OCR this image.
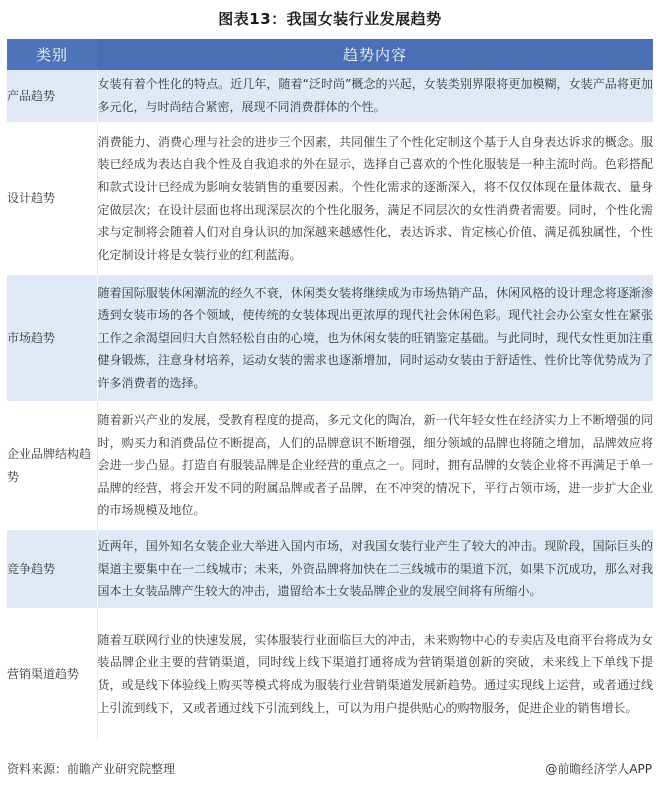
图表13：我国女装行业发展趋势
类别	趋势内容
产品趋势	女装有着个性化的特点。近几年，随着“泛时尚”概念的兴起，女装类别界限将更加模糊，女装产品将更加多元化，与时尚结合紧密，展现不同消费群体的个性。
设计趋势	消费能力、消费心理与社会的进步三个因素，共同催生了个性化定制这个基于人自身表达诉求的概念。服装已经成为表达自我个性及自我追求的外在显示，选择自己喜欢的个性化服装是一种主流时尚。色彩搭配和款式设计已经成为影响女装销售的重要因素。个性化需求的逐渐深入，将不仅仅体现在量体裁衣、量身定做层次；在设计层面也将出现深层次的个性化服务，满足不同层次的女性消费者需要。同时，个性化需求与定制将会随着人们对自身认识的加深越来越感性化，表达诉求、肯定核心价值、满足孤独属性，个性化定制设计将是女装行业的红利蓝海。
市场趋势	随着国际服装休闲潮流的经久不衰，休闲类女装将继续成为市场热销产品，休闲风格的设计理念将逐渐渗透到女装市场的各个领域，使传统的女装体现出更浓厚的现代社会休闲色彩。现代社会办公室女性在紧张工作之余渴望回归大自然轻松自由的心境，也为休闲女装的旺销鉴定基础。与此同时，现代女性更加注重健身锻炼，注意身材培养，运动女装的需求也逐渐增加，同时运动女装由于舒适性、性价比等优势成为了许多消费者的选择。
企业品牌结构趋势	随着新兴产业的发展，受教育程度的提高，多元文化的陶冶，新一代年轻女性在经济实力上不断增强的同时，购买力和消费品位不断提高，人们的品牌意识不断增强，细分领域的品牌也将随之增加，品牌效应将会进一步凸显。打造自有服装品牌是企业经营的重点之一。同时，拥有品牌的女装企业将不再满足于单一品牌的经营，将会开发不同的附属品牌或者子品牌，在不冲突的情况下，平行占领市场，进一步扩大企业的市场规模及地位。
竞争趋势	近两年，国外知名女装企业大举进入国内市场，对我国女装行业产生了较大的冲击。现阶段，国际巨头的渠道主要集中在一二线城市；未来，外资品牌将加快在二三线城市的渠道下沉，如果下沉成功，那么对我国本土女装品牌产生较大的冲击，遗留给本土女装品牌企业的发展空间将有所缩小。
营销渠道趋势	随着互联网行业的快速发展，实体服装行业面临巨大的冲击，未来购物中心的专卖店及电商平台将成为女装品牌企业主要的营销渠道，同时线上线下渠道打通将成为营销渠道创新的突破，未来线上下单线下提货，或是线下体验线上购买等模式将成为服装行业营销渠道发展新趋势。通过实现线上运营，或者通过线上引流到线下，又或者通过线下引流到线上，可以为用户提供贴心的购物服务，促进企业的销售增长。
资料来源：前瞻产业研究院整理	@前瞻经济学人APP
